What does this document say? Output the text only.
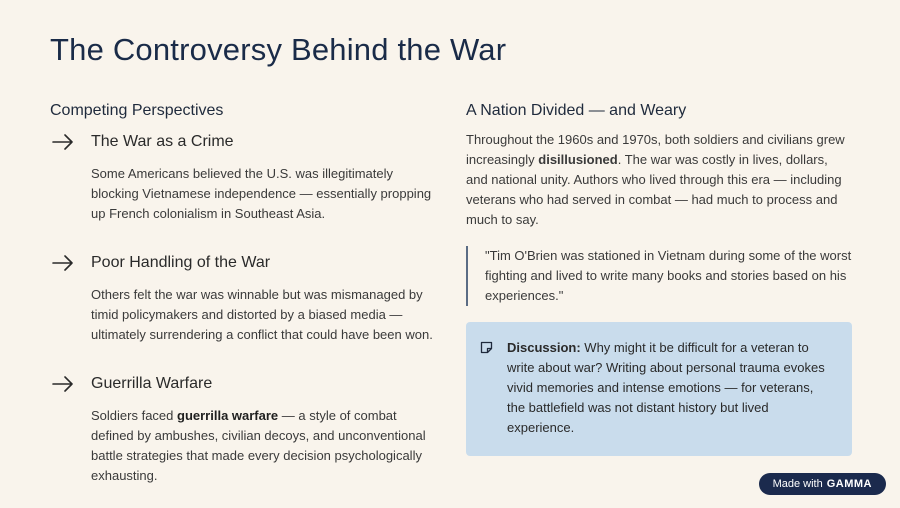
The Controversy Behind the War
Competing Perspectives
The War as a Crime
Some Americans believed the U.S. was illegitimately blocking Vietnamese independence — essentially propping up French colonialism in Southeast Asia.
Poor Handling of the War
Others felt the war was winnable but was mismanaged by timid policymakers and distorted by a biased media — ultimately surrendering a conflict that could have been won.
Guerrilla Warfare
Soldiers faced guerrilla warfare — a style of combat defined by ambushes, civilian decoys, and unconventional battle strategies that made every decision psychologically exhausting.
A Nation Divided — and Weary

Throughout the 1960s and 1970s, both soldiers and civilians grew increasingly disillusioned. The war was costly in lives, dollars, and national unity. Authors who lived through this era — including veterans who had served in combat — had much to process and much to say.

"Tim O'Brien was stationed in Vietnam during some of the worst fighting and lived to write many books and stories based on his experiences."
Discussion: Why might it be difficult for a veteran to write about war? Writing about personal trauma evokes vivid memories and intense emotions — for veterans, the battlefield was not distant history but lived experience.
Made with GAMMA
